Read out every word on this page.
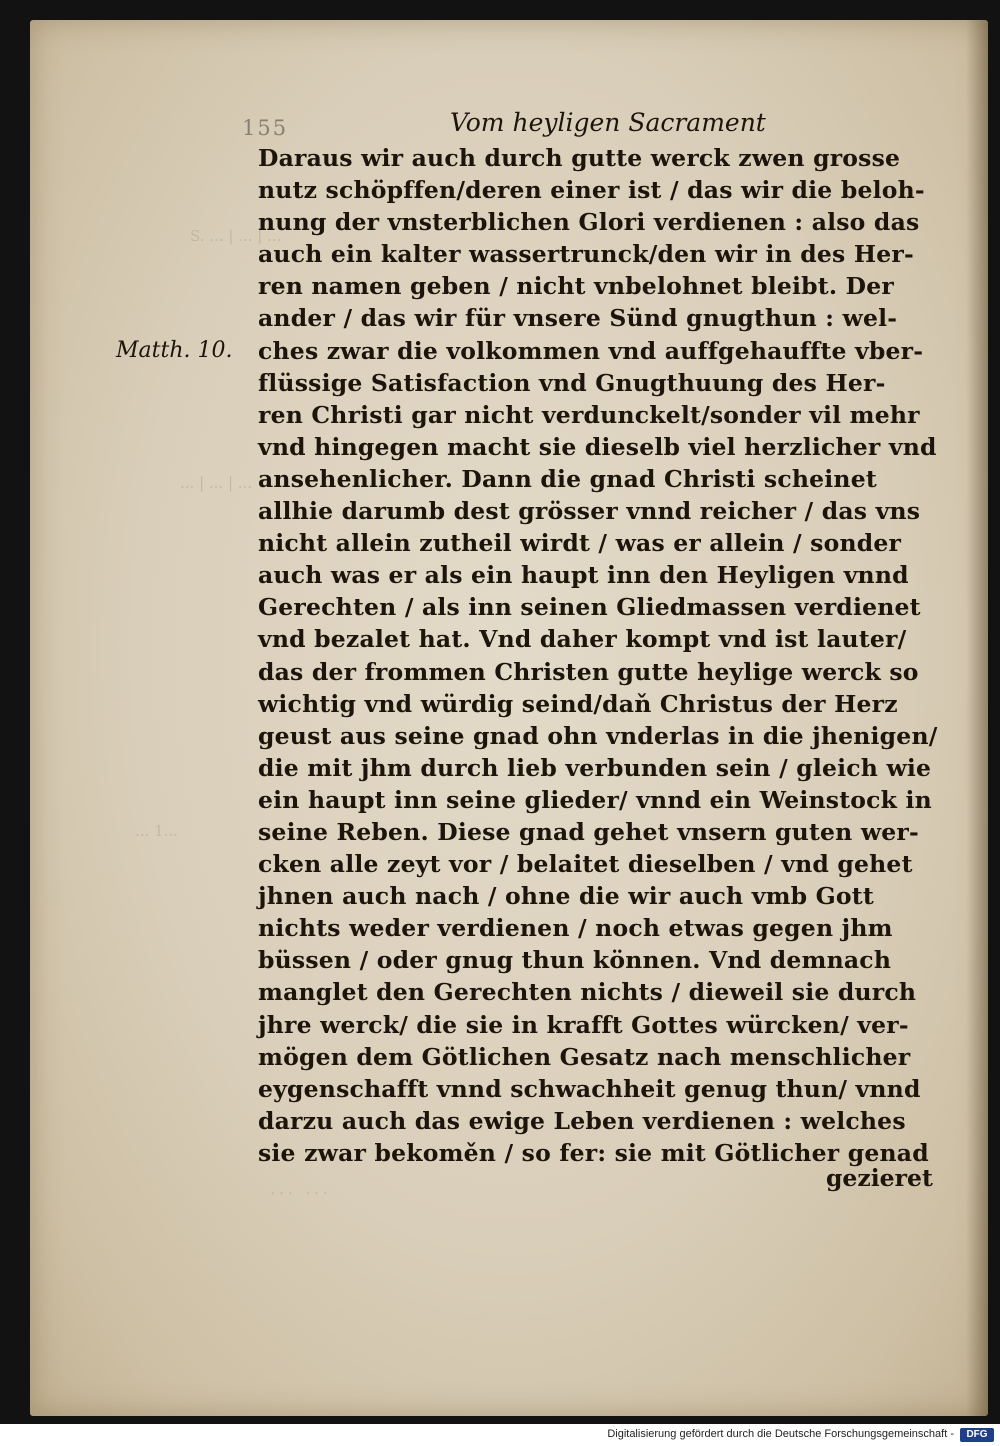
155	Vom heyligen Sacrament
Matth. 10.
S. ... | ... | ...
... | ... | ...
... 1...
Daraus wir auch durch gutte werck zwen grosse
nutz schöpffen/deren einer ist / das wir die beloh-
nung der vnsterblichen Glori verdienen : also das
auch ein kalter wassertrunck/den wir in des Her-
ren namen geben / nicht vnbelohnet bleibt. Der
ander / das wir für vnsere Sünd gnugthun : wel-
ches zwar die volkommen vnd auffgehauffte vber-
flüssige Satisfaction vnd Gnugthuung des Her-
ren Christi gar nicht verdunckelt/sonder vil mehr
vnd hingegen macht sie dieselb viel herzlicher vnd
ansehenlicher. Dann die gnad Christi scheinet
allhie darumb dest grösser vnnd reicher / das vns
nicht allein zutheil wirdt / was er allein / sonder
auch was er als ein haupt inn den Heyligen vnnd
Gerechten / als inn seinen Gliedmassen verdienet
vnd bezalet hat. Vnd daher kompt vnd ist lauter/
das der frommen Christen gutte heylige werck so
wichtig vnd würdig seind/daň Christus der Herz
geust aus seine gnad ohn vnderlas in die jhenigen/
die mit jhm durch lieb verbunden sein / gleich wie
ein haupt inn seine glieder/ vnnd ein Weinstock in
seine Reben. Diese gnad gehet vnsern guten wer-
cken alle zeyt vor / belaitet dieselben / vnd gehet
jhnen auch nach / ohne die wir auch vmb Gott
nichts weder verdienen / noch etwas gegen jhm
büssen / oder gnug thun können. Vnd demnach
manglet den Gerechten nichts / dieweil sie durch
jhre werck/ die sie in krafft Gottes würcken/ ver-
mögen dem Götlichen Gesatz nach menschlicher
eygenschafft vnnd schwachheit genug thun/ vnnd
darzu auch das ewige Leben verdienen : welches
sie zwar bekoměn / so fer: sie mit Götlicher genad
... ...	gezieret
Digitalisierung gefördert durch die Deutsche Forschungsgemeinschaft -	DFG
